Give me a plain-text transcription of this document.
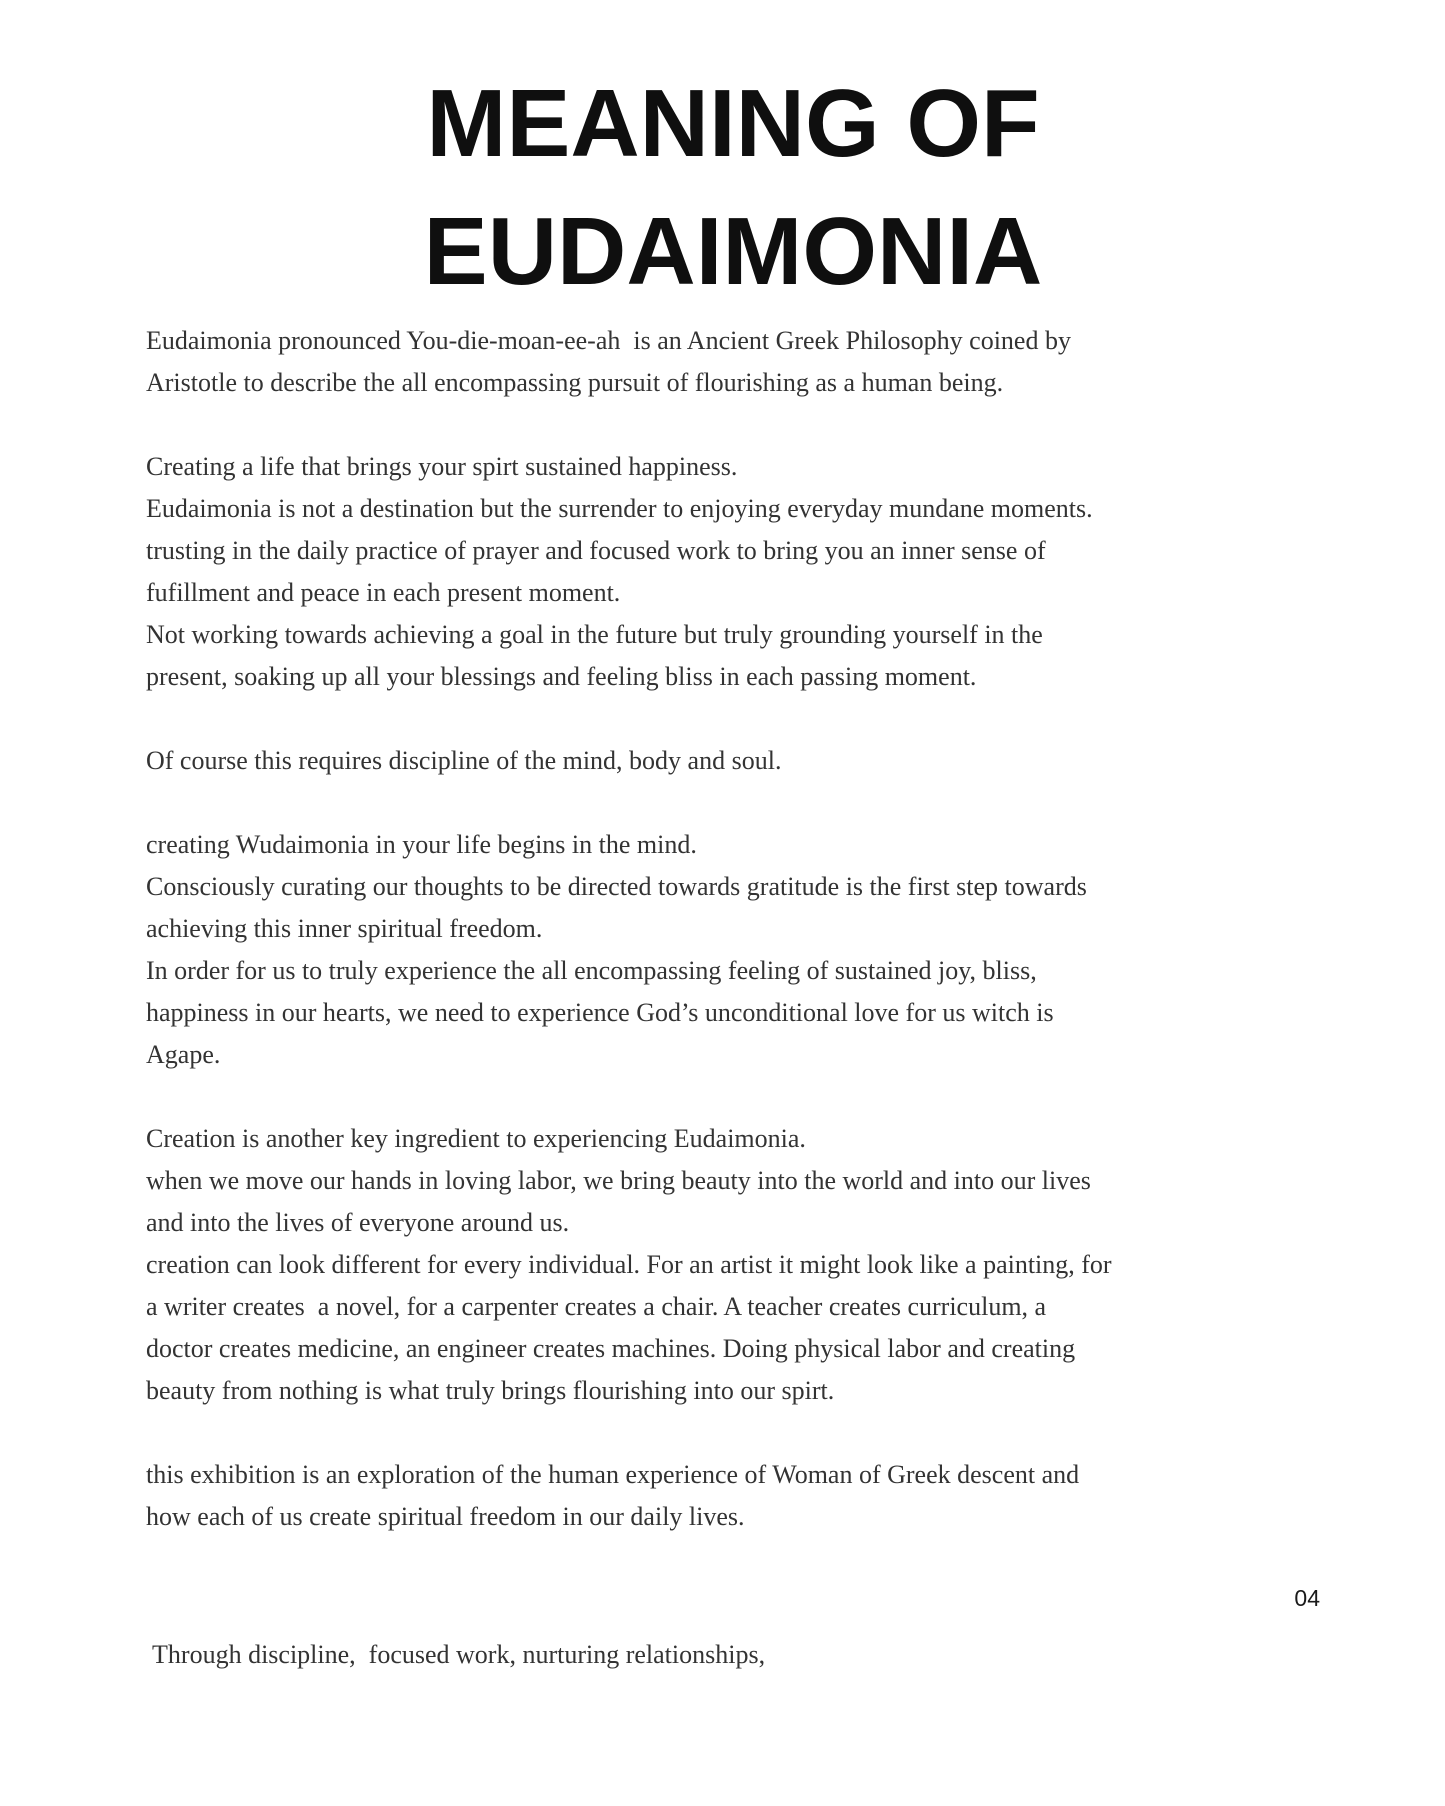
MEANING OF
EUDAIMONIA
Eudaimonia pronounced You-die-moan-ee-ah  is an Ancient Greek Philosophy coined by
Aristotle to describe the all encompassing pursuit of flourishing as a human being.
Creating a life that brings your spirt sustained happiness.
Eudaimonia is not a destination but the surrender to enjoying everyday mundane moments.
trusting in the daily practice of prayer and focused work to bring you an inner sense of
fufillment and peace in each present moment.
Not working towards achieving a goal in the future but truly grounding yourself in the
present, soaking up all your blessings and feeling bliss in each passing moment.
Of course this requires discipline of the mind, body and soul.
creating Wudaimonia in your life begins in the mind.
Consciously curating our thoughts to be directed towards gratitude is the first step towards
achieving this inner spiritual freedom.
In order for us to truly experience the all encompassing feeling of sustained joy, bliss,
happiness in our hearts, we need to experience God’s unconditional love for us witch is
Agape.
Creation is another key ingredient to experiencing Eudaimonia.
when we move our hands in loving labor, we bring beauty into the world and into our lives
and into the lives of everyone around us.
creation can look different for every individual. For an artist it might look like a painting, for
a writer creates  a novel, for a carpenter creates a chair. A teacher creates curriculum, a
doctor creates medicine, an engineer creates machines. Doing physical labor and creating
beauty from nothing is what truly brings flourishing into our spirt.
this exhibition is an exploration of the human experience of Woman of Greek descent and
how each of us create spiritual freedom in our daily lives.
04
Through discipline,  focused work, nurturing relationships,
